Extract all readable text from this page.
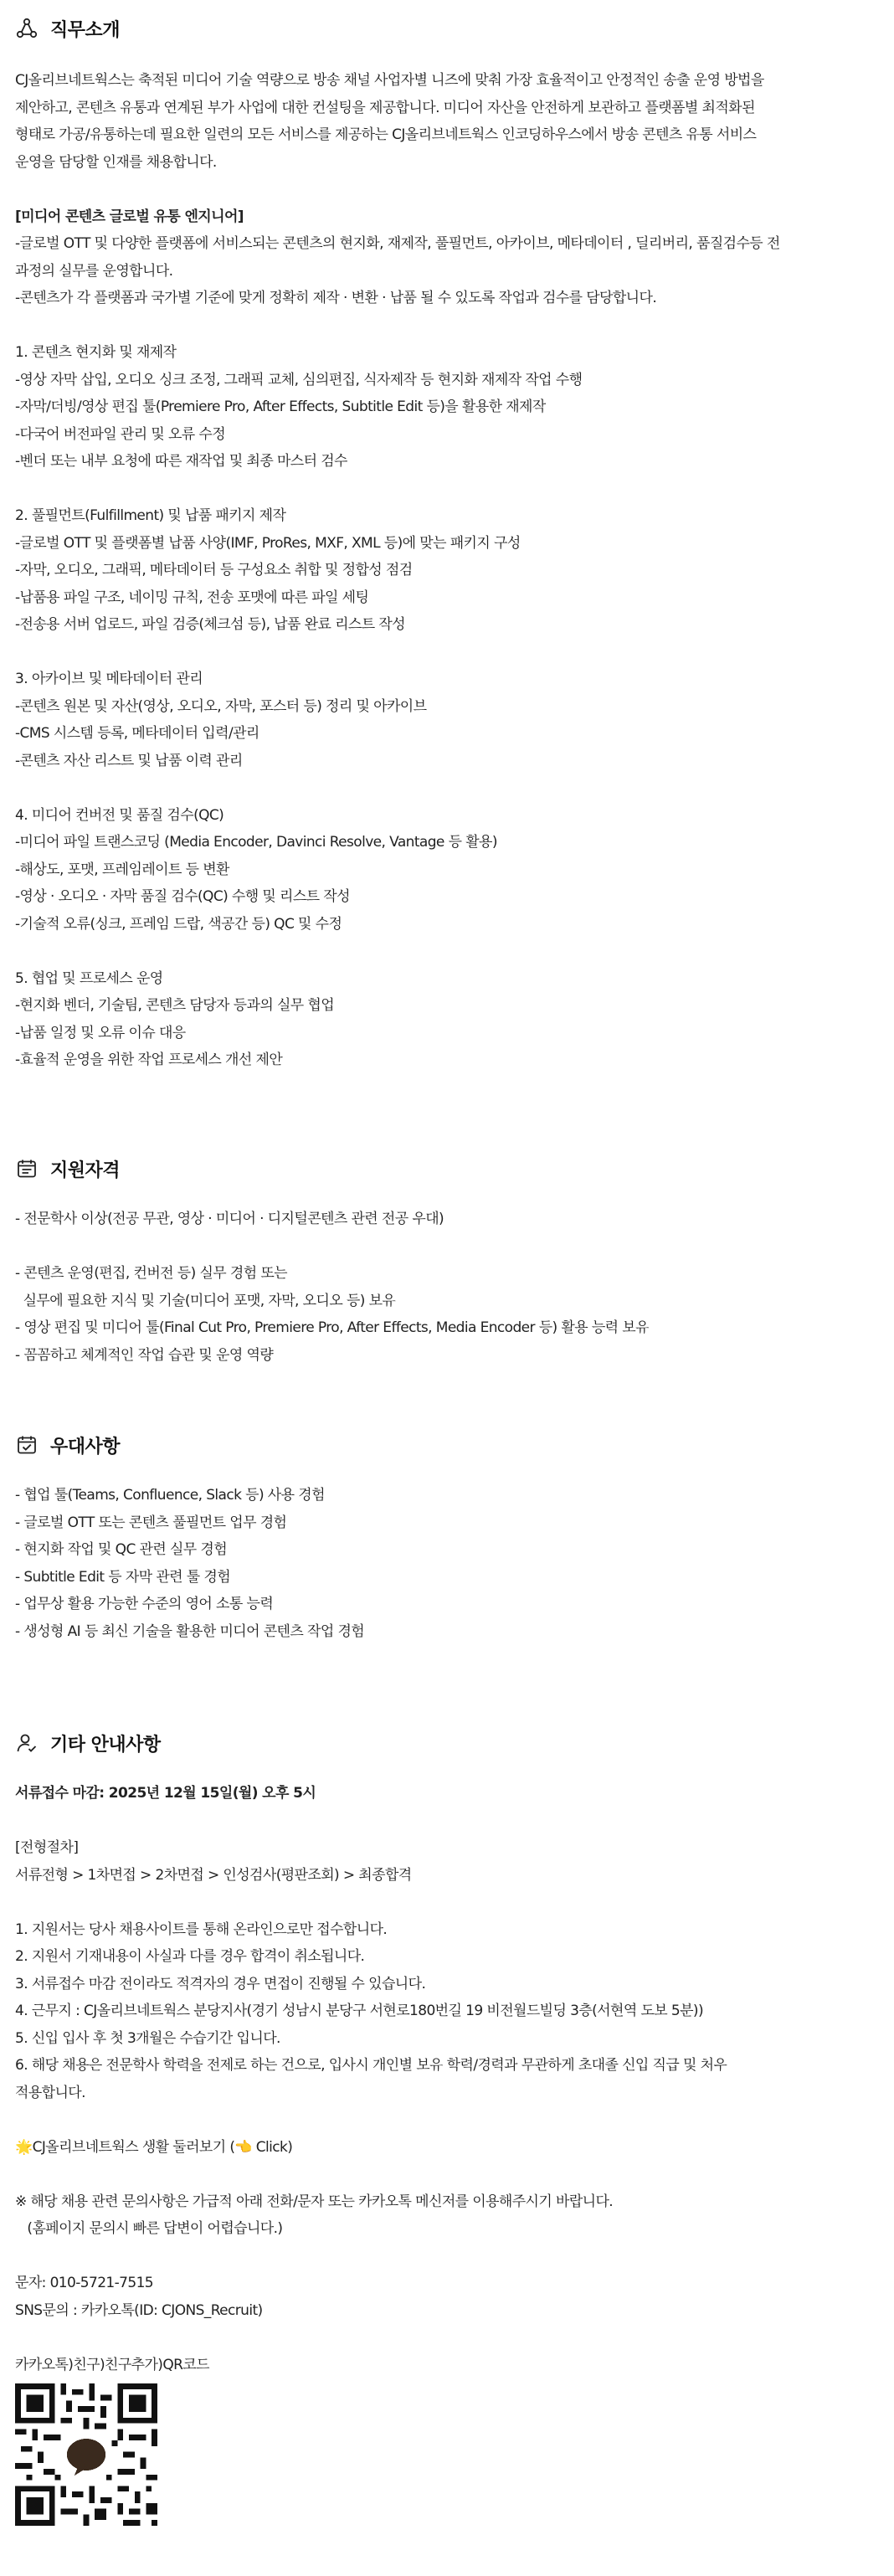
직무소개
CJ올리브네트웍스는 축적된 미디어 기술 역량으로 방송 채널 사업자별 니즈에 맞춰 가장 효율적이고 안정적인 송출 운영 방법을
제안하고, 콘텐츠 유통과 연계된 부가 사업에 대한 컨설팅을 제공합니다. 미디어 자산을 안전하게 보관하고 플랫폼별 최적화된
형태로 가공/유통하는데 필요한 일련의 모든 서비스를 제공하는 CJ올리브네트웍스 인코딩하우스에서 방송 콘텐츠 유통 서비스
운영을 담당할 인재를 채용합니다.
[미디어 콘텐츠 글로벌 유통 엔지니어]
-글로벌 OTT 및 다양한 플랫폼에 서비스되는 콘텐츠의 현지화, 재제작, 풀필먼트, 아카이브, 메타데이터 , 딜리버리, 품질검수등 전
과정의 실무를 운영합니다.
-콘텐츠가 각 플랫폼과 국가별 기준에 맞게 정확히 제작 · 변환 · 납품 될 수 있도록 작업과 검수를 담당합니다.
1. 콘텐츠 현지화 및 재제작
-영상 자막 삽입, 오디오 싱크 조정, 그래픽 교체, 심의편집, 식자제작 등 현지화 재제작 작업 수행
-자막/더빙/영상 편집 툴(Premiere Pro, After Effects, Subtitle Edit 등)을 활용한 재제작
-다국어 버전파일 관리 및 오류 수정
-벤더 또는 내부 요청에 따른 재작업 및 최종 마스터 검수
2. 풀필먼트(Fulfillment) 및 납품 패키지 제작
-글로벌 OTT 및 플랫폼별 납품 사양(IMF, ProRes, MXF, XML 등)에 맞는 패키지 구성
-자막, 오디오, 그래픽, 메타데이터 등 구성요소 취합 및 정합성 점검
-납품용 파일 구조, 네이밍 규칙, 전송 포맷에 따른 파일 세팅
-전송용 서버 업로드, 파일 검증(체크섬 등), 납품 완료 리스트 작성
3. 아카이브 및 메타데이터 관리
-콘텐츠 원본 및 자산(영상, 오디오, 자막, 포스터 등) 정리 및 아카이브
-CMS 시스템 등록, 메타데이터 입력/관리
-콘텐츠 자산 리스트 및 납품 이력 관리
4. 미디어 컨버전 및 품질 검수(QC)
-미디어 파일 트랜스코딩 (Media Encoder, Davinci Resolve, Vantage 등 활용)
-해상도, 포맷, 프레임레이트 등 변환
-영상 · 오디오 · 자막 품질 검수(QC) 수행 및 리스트 작성
-기술적 오류(싱크, 프레임 드랍, 색공간 등) QC 및 수정
5. 협업 및 프로세스 운영
-현지화 벤더, 기술팀, 콘텐츠 담당자 등과의 실무 협업
-납품 일정 및 오류 이슈 대응
-효율적 운영을 위한 작업 프로세스 개선 제안
지원자격
- 전문학사 이상(전공 무관, 영상 · 미디어 · 디지털콘텐츠 관련 전공 우대)
- 콘텐츠 운영(편집, 컨버전 등) 실무 경험 또는
실무에 필요한 지식 및 기술(미디어 포맷, 자막, 오디오 등) 보유
- 영상 편집 및 미디어 툴(Final Cut Pro, Premiere Pro, After Effects, Media Encoder 등) 활용 능력 보유
- 꼼꼼하고 체계적인 작업 습관 및 운영 역량
우대사항
- 협업 툴(Teams, Confluence, Slack 등) 사용 경험
- 글로벌 OTT 또는 콘텐츠 풀필먼트 업무 경험
- 현지화 작업 및 QC 관련 실무 경험
- Subtitle Edit 등 자막 관련 툴 경험
- 업무상 활용 가능한 수준의 영어 소통 능력
- 생성형 AI 등 최신 기술을 활용한 미디어 콘텐츠 작업 경험
기타 안내사항
서류접수 마감: 2025년 12월 15일(월) 오후 5시
[전형절차]
서류전형 > 1차면접 > 2차면접 > 인성검사(평판조회) > 최종합격
1. 지원서는 당사 채용사이트를 통해 온라인으로만 접수합니다.
2. 지원서 기재내용이 사실과 다를 경우 합격이 취소됩니다.
3. 서류접수 마감 전이라도 적격자의 경우 면접이 진행될 수 있습니다.
4. 근무지 : CJ올리브네트웍스 분당지사(경기 성남시 분당구 서현로180번길 19 비전월드빌딩 3층(서현역 도보 5분))
5. 신입 입사 후 첫 3개월은 수습기간 입니다.
6. 해당 채용은 전문학사 학력을 전제로 하는 건으로, 입사시 개인별 보유 학력/경력과 무관하게 초대졸 신입 직급 및 처우
적용합니다.
🌟CJ올리브네트웍스 생활 둘러보기 (👈 Click)
※ 해당 채용 관련 문의사항은 가급적 아래 전화/문자 또는 카카오톡 메신저를 이용해주시기 바랍니다.
(홈페이지 문의시 빠른 답변이 어렵습니다.)
문자: 010-5721-7515
SNS문의 : 카카오톡(ID: CJONS_Recruit)
카카오톡)친구)친구추가)QR코드
